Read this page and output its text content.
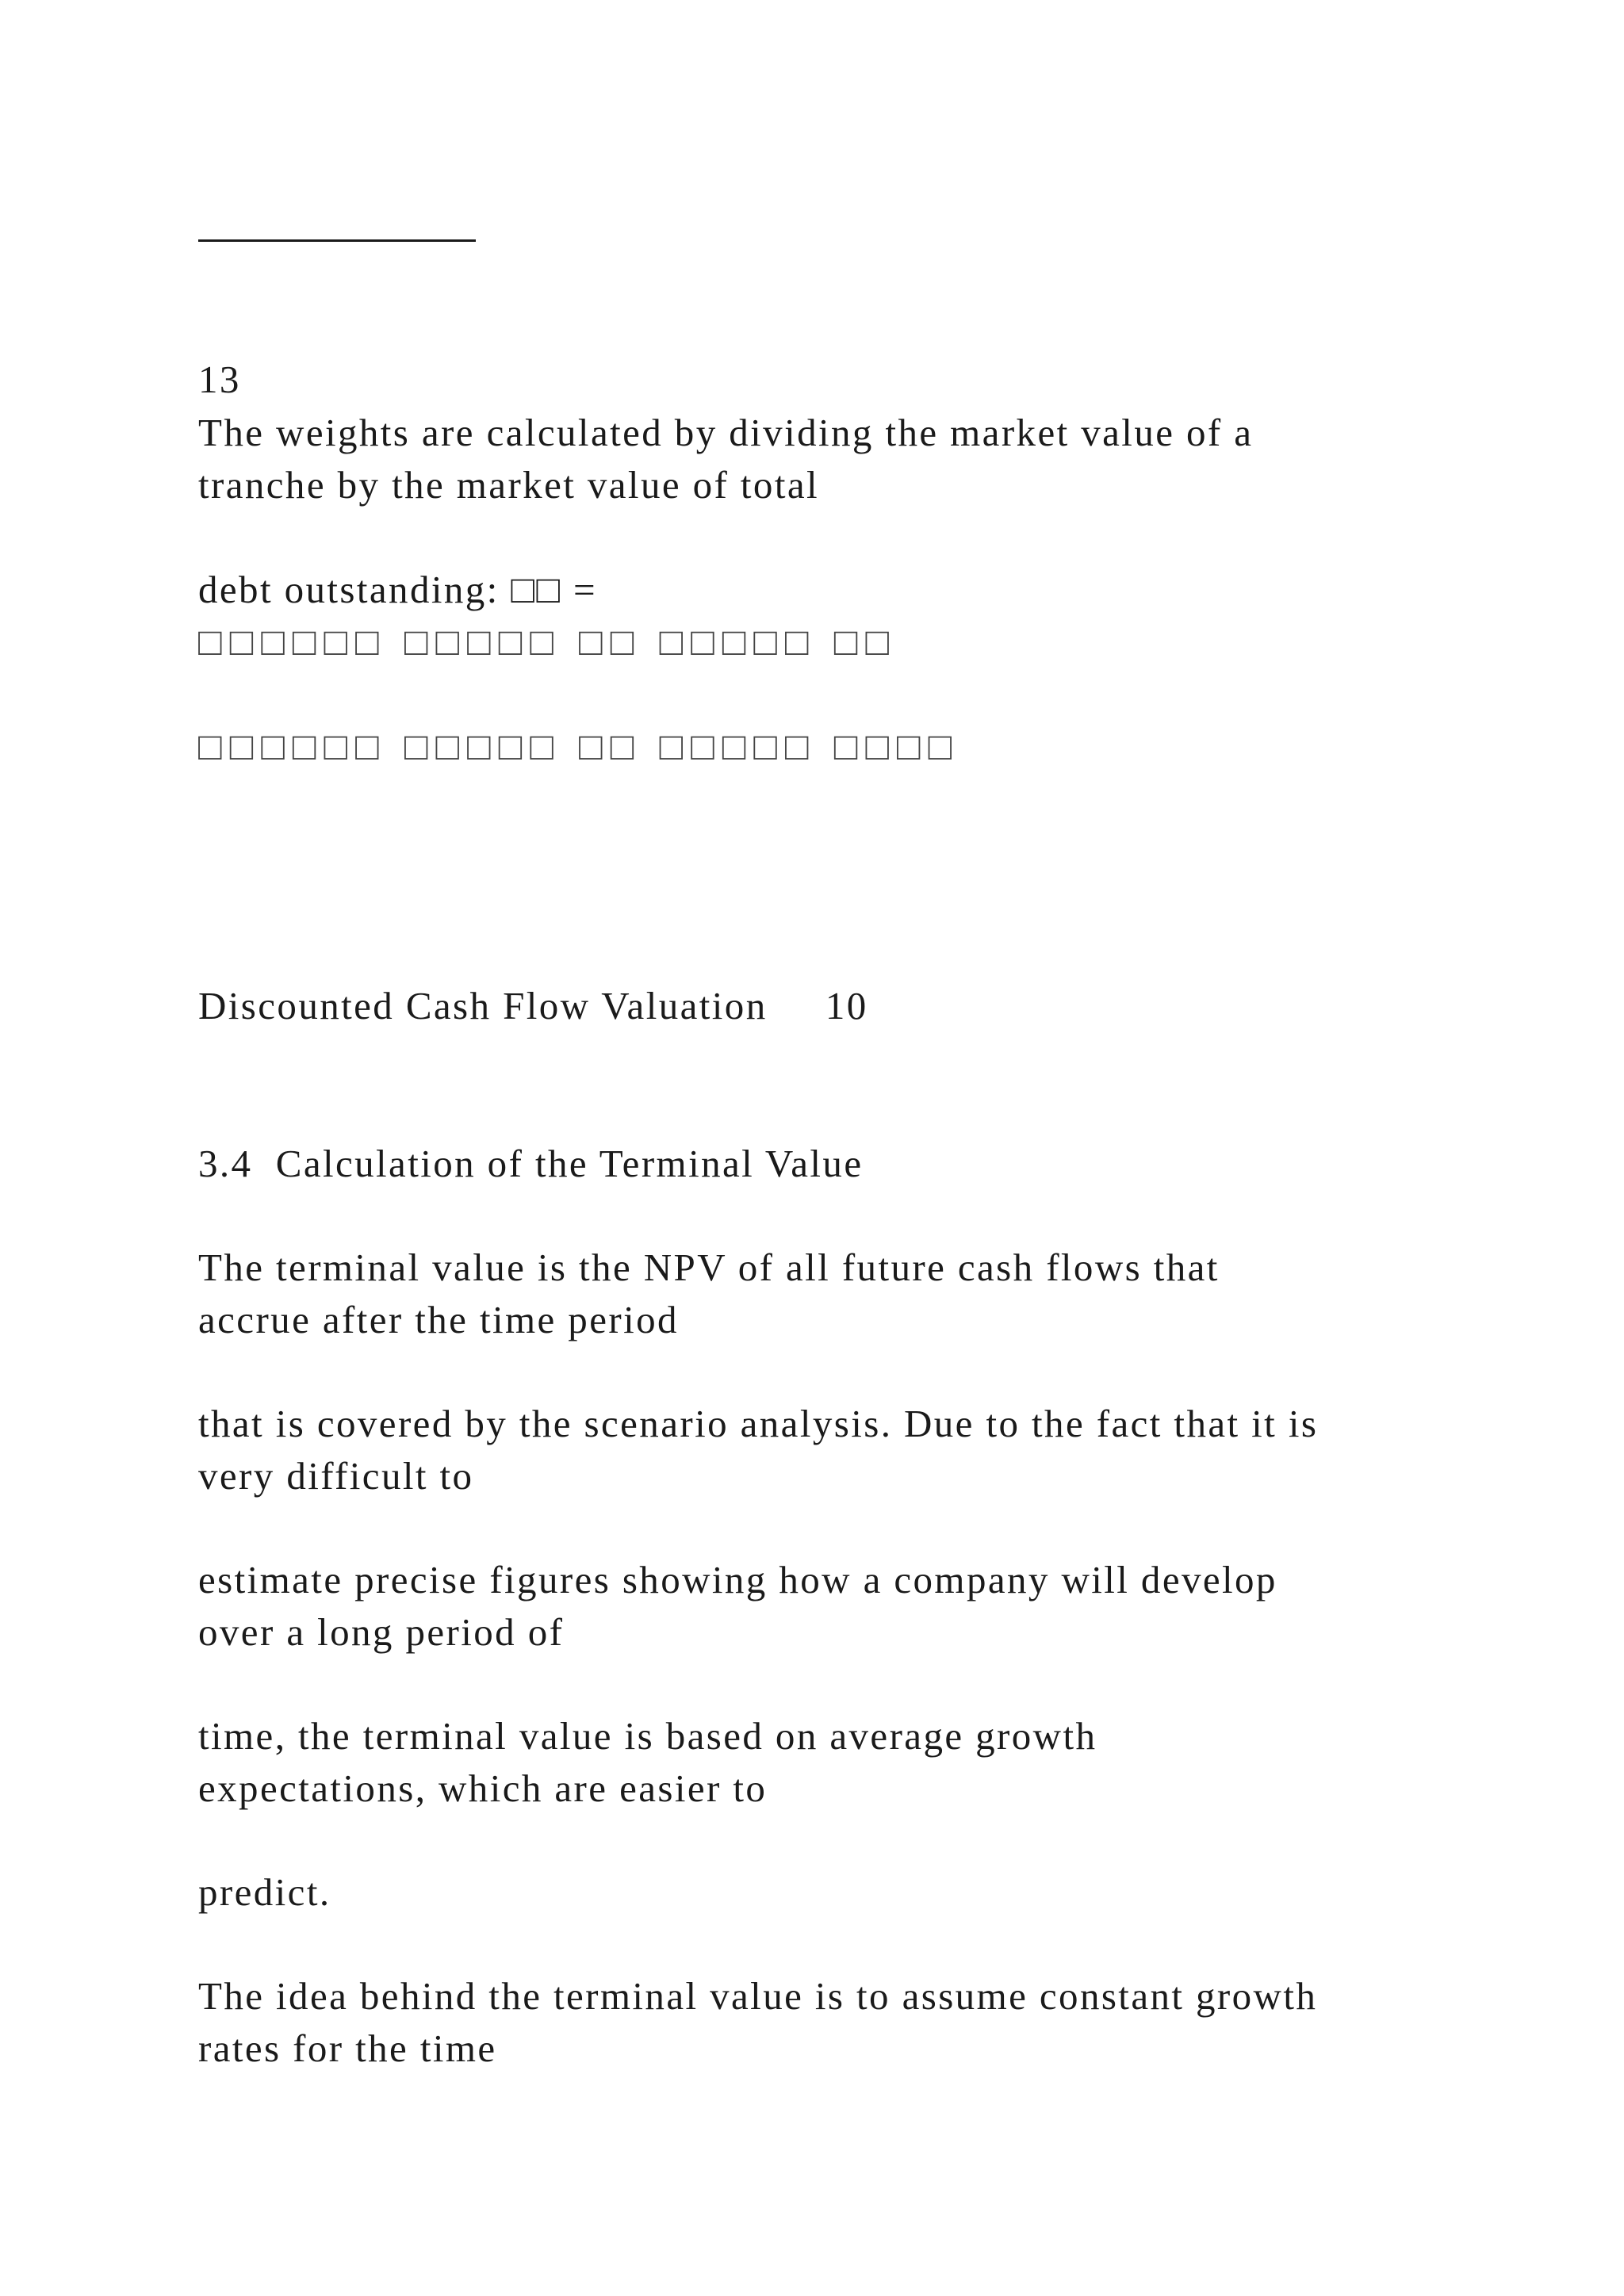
13
The weights are calculated by dividing the market value of a
tranche by the market value of total
debt outstanding: □□ =
□□□□□□ □□□□□ □□ □□□□□ □□
□□□□□□ □□□□□ □□ □□□□□ □□□□
Discounted Cash Flow Valuation 10
3.4  Calculation of the Terminal Value
The terminal value is the NPV of all future cash flows that
accrue after the time period
that is covered by the scenario analysis. Due to the fact that it is
very difficult to
estimate precise figures showing how a company will develop
over a long period of
time, the terminal value is based on average growth
expectations, which are easier to
predict.
The idea behind the terminal value is to assume constant growth
rates for the time
